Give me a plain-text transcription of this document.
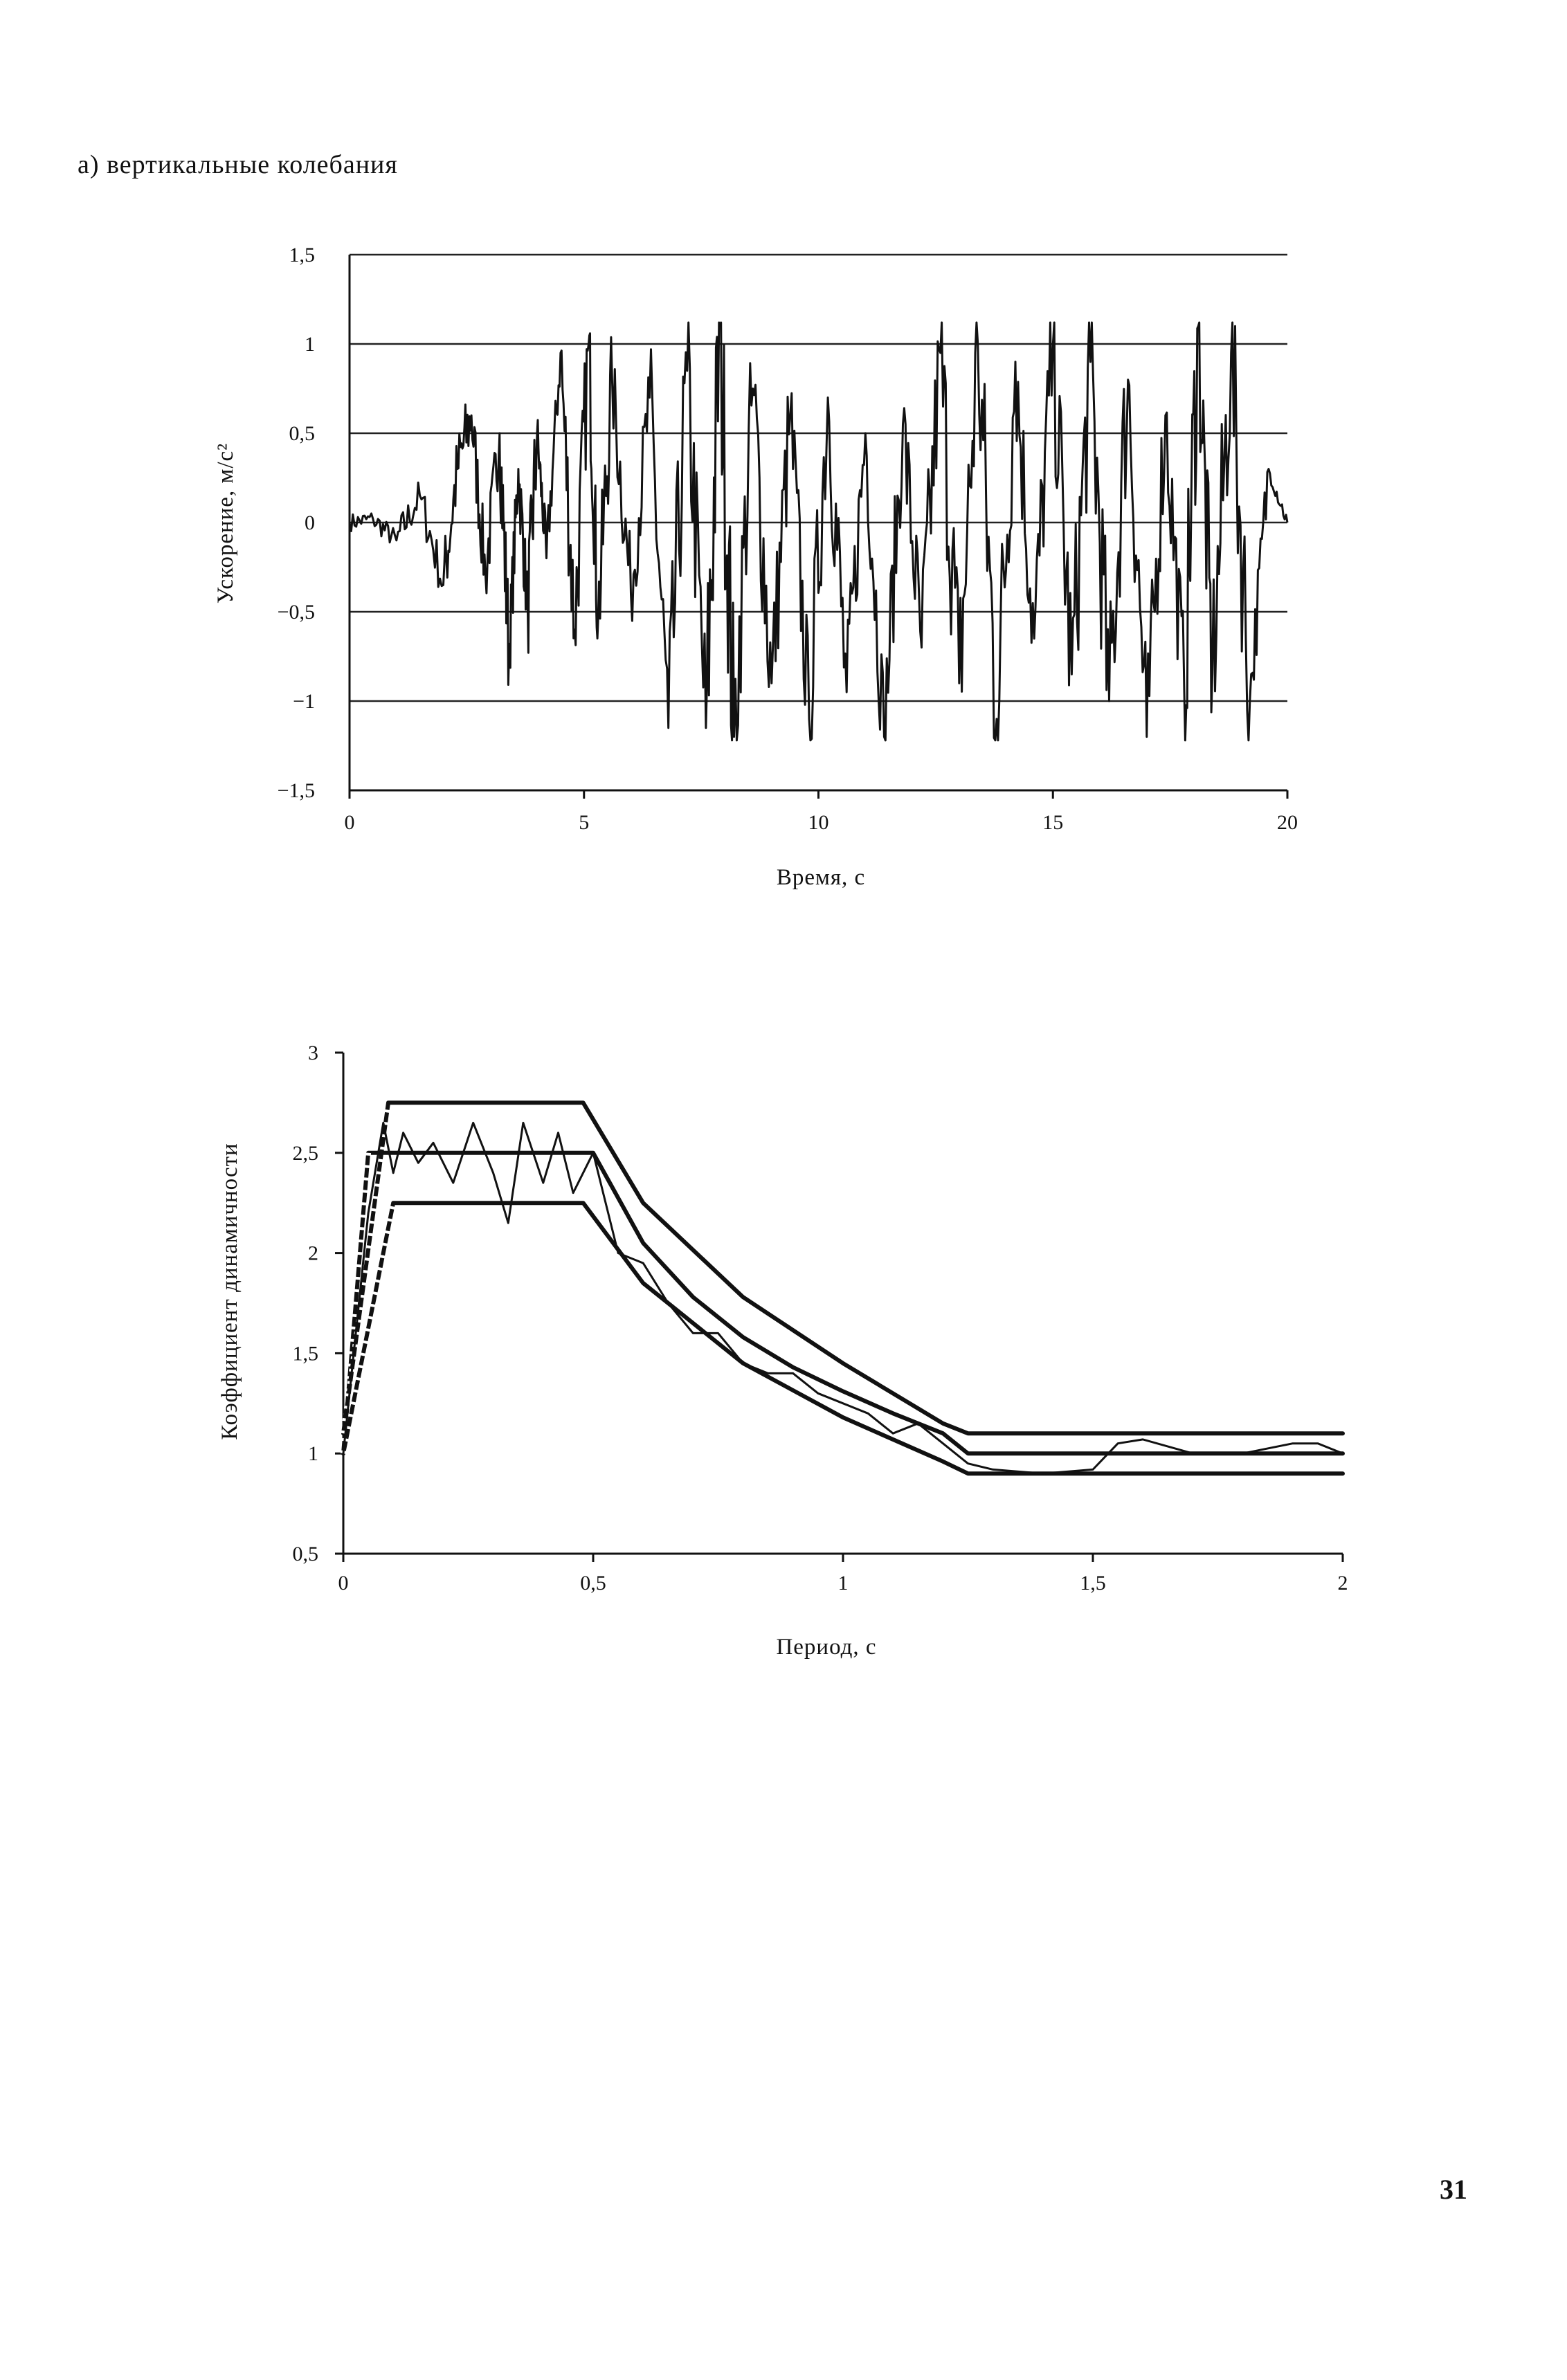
а) вертикальные колебания
1,5
1
0,5
0
−0,5
−1
−1,5
0	5	10	15	20
Время, с
Ускорение, м/с²
3
2,5
2
1,5
1
0,5
0	0,5	1	1,5	2
Период, с
Коэффициент динамичности
31
